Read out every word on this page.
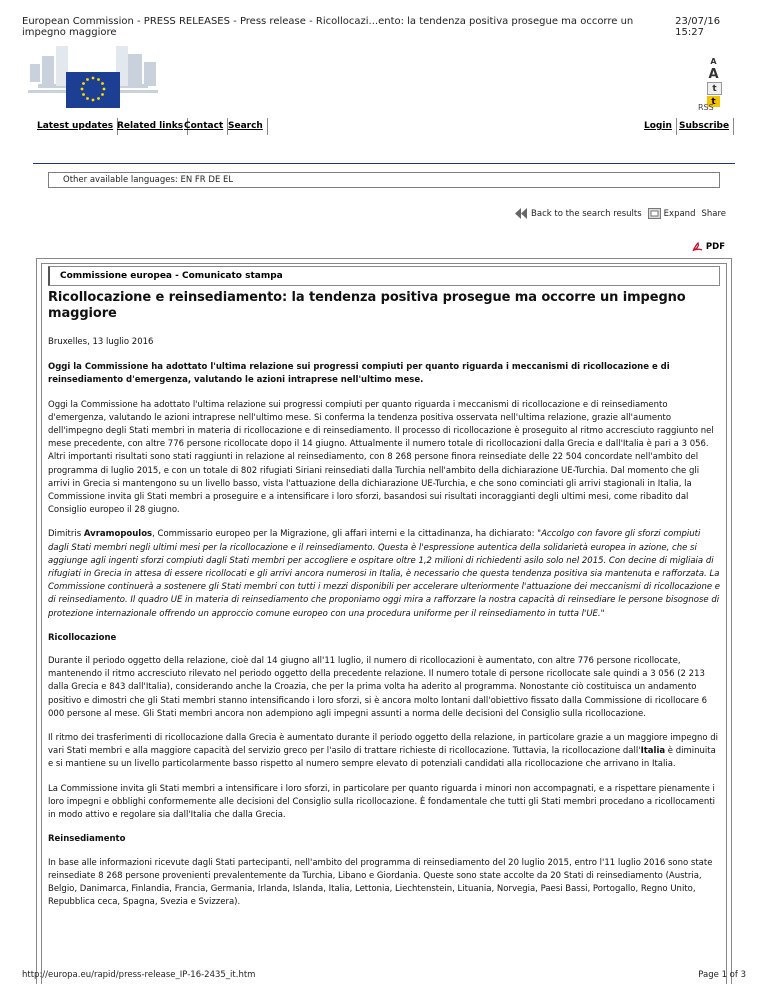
European Commission - PRESS RELEASES - Press release - Ricollocazi...ento: la tendenza positiva prosegue ma occorre un impegno maggiore
23/07/16 15:27
A
A
t
t
RSS
Latest updates Related links Contact Search	Login Subscribe
Other available languages: EN FR DE EL
Back to the search results	Expand Share
PDF
Commissione europea - Comunicato stampa
Ricollocazione e reinsediamento: la tendenza positiva prosegue ma occorre un impegno maggiore

Bruxelles, 13 luglio 2016

Oggi la Commissione ha adottato l'ultima relazione sui progressi compiuti per quanto riguarda i meccanismi di ricollocazione e di reinsediamento d'emergenza, valutando le azioni intraprese nell'ultimo mese.

Oggi la Commissione ha adottato l'ultima relazione sui progressi compiuti per quanto riguarda i meccanismi di ricollocazione e di reinsediamento d'emergenza, valutando le azioni intraprese nell'ultimo mese. Si conferma la tendenza positiva osservata nell'ultima relazione, grazie all'aumento dell'impegno degli Stati membri in materia di ricollocazione e di reinsediamento. Il processo di ricollocazione è proseguito al ritmo accresciuto raggiunto nel mese precedente, con altre 776 persone ricollocate dopo il 14 giugno. Attualmente il numero totale di ricollocazioni dalla Grecia e dall'Italia è pari a 3 056. Altri importanti risultati sono stati raggiunti in relazione al reinsediamento, con 8 268 persone finora reinsediate delle 22 504 concordate nell'ambito del programma di luglio 2015, e con un totale di 802 rifugiati Siriani reinsediati dalla Turchia nell'ambito della dichiarazione UE-Turchia. Dal momento che gli arrivi in Grecia si mantengono su un livello basso, vista l'attuazione della dichiarazione UE-Turchia, e che sono cominciati gli arrivi stagionali in Italia, la Commissione invita gli Stati membri a proseguire e a intensificare i loro sforzi, basandosi sui risultati incoraggianti degli ultimi mesi, come ribadito dal Consiglio europeo il 28 giugno.

Dimitris Avramopoulos, Commissario europeo per la Migrazione, gli affari interni e la cittadinanza, ha dichiarato: "Accolgo con favore gli sforzi compiuti dagli Stati membri negli ultimi mesi per la ricollocazione e il reinsediamento. Questa è l'espressione autentica della solidarietà europea in azione, che si aggiunge agli ingenti sforzi compiuti dagli Stati membri per accogliere e ospitare oltre 1,2 milioni di richiedenti asilo solo nel 2015. Con decine di migliaia di rifugiati in Grecia in attesa di essere ricollocati e gli arrivi ancora numerosi in Italia, è necessario che questa tendenza positiva sia mantenuta e rafforzata. La Commissione continuerà a sostenere gli Stati membri con tutti i mezzi disponibili per accelerare ulteriormente l'attuazione dei meccanismi di ricollocazione e di reinsediamento. Il quadro UE in materia di reinsediamento che proponiamo oggi mira a rafforzare la nostra capacità di reinsediare le persone bisognose di protezione internazionale offrendo un approccio comune europeo con una procedura uniforme per il reinsediamento in tutta l'UE."

Ricollocazione

Durante il periodo oggetto della relazione, cioè dal 14 giugno all'11 luglio, il numero di ricollocazioni è aumentato, con altre 776 persone ricollocate, mantenendo il ritmo accresciuto rilevato nel periodo oggetto della precedente relazione. Il numero totale di persone ricollocate sale quindi a 3 056 (2 213 dalla Grecia e 843 dall'Italia), considerando anche la Croazia, che per la prima volta ha aderito al programma. Nonostante ciò costituisca un andamento positivo e dimostri che gli Stati membri stanno intensificando i loro sforzi, si è ancora molto lontani dall'obiettivo fissato dalla Commissione di ricollocare 6 000 persone al mese. Gli Stati membri ancora non adempiono agli impegni assunti a norma delle decisioni del Consiglio sulla ricollocazione.

Il ritmo dei trasferimenti di ricollocazione dalla Grecia è aumentato durante il periodo oggetto della relazione, in particolare grazie a un maggiore impegno di vari Stati membri e alla maggiore capacità del servizio greco per l'asilo di trattare richieste di ricollocazione. Tuttavia, la ricollocazione dall'Italia è diminuita e si mantiene su un livello particolarmente basso rispetto al numero sempre elevato di potenziali candidati alla ricollocazione che arrivano in Italia.

La Commissione invita gli Stati membri a intensificare i loro sforzi, in particolare per quanto riguarda i minori non accompagnati, e a rispettare pienamente i loro impegni e obblighi conformemente alle decisioni del Consiglio sulla ricollocazione. È fondamentale che tutti gli Stati membri procedano a ricollocamenti in modo attivo e regolare sia dall'Italia che dalla Grecia.

Reinsediamento

In base alle informazioni ricevute dagli Stati partecipanti, nell'ambito del programma di reinsediamento del 20 luglio 2015, entro l'11 luglio 2016 sono state reinsediate 8 268 persone provenienti prevalentemente da Turchia, Libano e Giordania. Queste sono state accolte da 20 Stati di reinsediamento (Austria, Belgio, Danimarca, Finlandia, Francia, Germania, Irlanda, Islanda, Italia, Lettonia, Liechtenstein, Lituania, Norvegia, Paesi Bassi, Portogallo, Regno Unito, Repubblica ceca, Spagna, Svezia e Svizzera).

http://europa.eu/rapid/press-release_IP-16-2435_it.htm	Page 1 of 3
